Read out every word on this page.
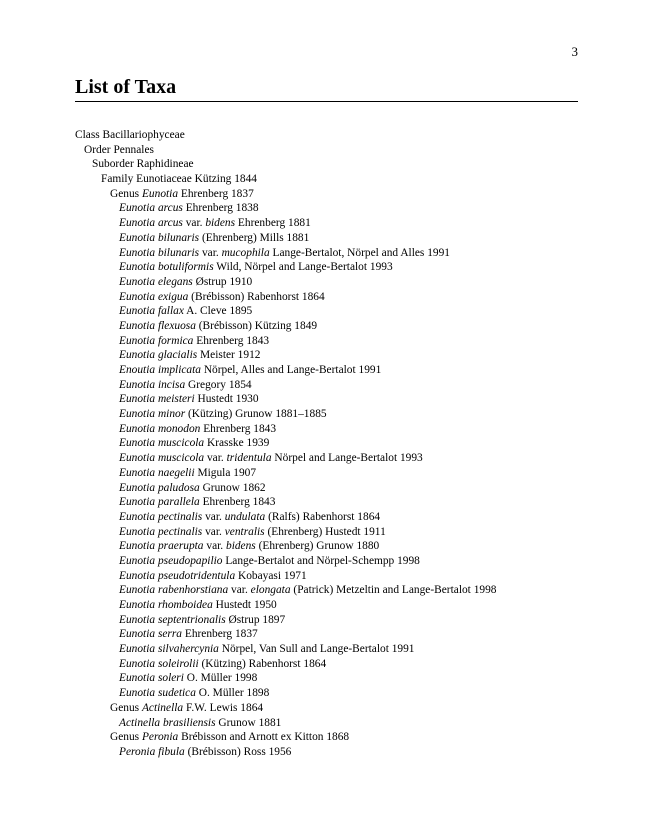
3
List of Taxa
Class Bacillariophyceae
Order Pennales
Suborder Raphidineae
Family Eunotiaceae Kützing 1844
Genus Eunotia Ehrenberg 1837
Eunotia arcus Ehrenberg 1838
Eunotia arcus var. bidens Ehrenberg 1881
Eunotia bilunaris (Ehrenberg) Mills 1881
Eunotia bilunaris var. mucophila Lange-Bertalot, Nörpel and Alles 1991
Eunotia botuliformis Wild, Nörpel and Lange-Bertalot 1993
Eunotia elegans Østrup 1910
Eunotia exigua (Brébisson) Rabenhorst 1864
Eunotia fallax A. Cleve 1895
Eunotia flexuosa (Brébisson) Kützing 1849
Eunotia formica Ehrenberg 1843
Eunotia glacialis Meister 1912
Enoutia implicata Nörpel, Alles and Lange-Bertalot 1991
Eunotia incisa Gregory 1854
Eunotia meisteri Hustedt 1930
Eunotia minor (Kützing) Grunow 1881–1885
Eunotia monodon Ehrenberg 1843
Eunotia muscicola Krasske 1939
Eunotia muscicola var. tridentula Nörpel and Lange-Bertalot 1993
Eunotia naegelii Migula 1907
Eunotia paludosa Grunow 1862
Eunotia parallela Ehrenberg 1843
Eunotia pectinalis var. undulata (Ralfs) Rabenhorst 1864
Eunotia pectinalis var. ventralis (Ehrenberg) Hustedt 1911
Eunotia praerupta var. bidens (Ehrenberg) Grunow 1880
Eunotia pseudopapilio Lange-Bertalot and Nörpel-Schempp 1998
Eunotia pseudotridentula Kobayasi 1971
Eunotia rabenhorstiana var. elongata (Patrick) Metzeltin and Lange-Bertalot 1998
Eunotia rhomboidea Hustedt 1950
Eunotia septentrionalis Østrup 1897
Eunotia serra Ehrenberg 1837
Eunotia silvahercynia Nörpel, Van Sull and Lange-Bertalot 1991
Eunotia soleirolii (Kützing) Rabenhorst 1864
Eunotia soleri O. Müller 1998
Eunotia sudetica O. Müller 1898
Genus Actinella F.W. Lewis 1864
Actinella brasiliensis Grunow 1881
Genus Peronia Brébisson and Arnott ex Kitton 1868
Peronia fibula (Brébisson) Ross 1956
